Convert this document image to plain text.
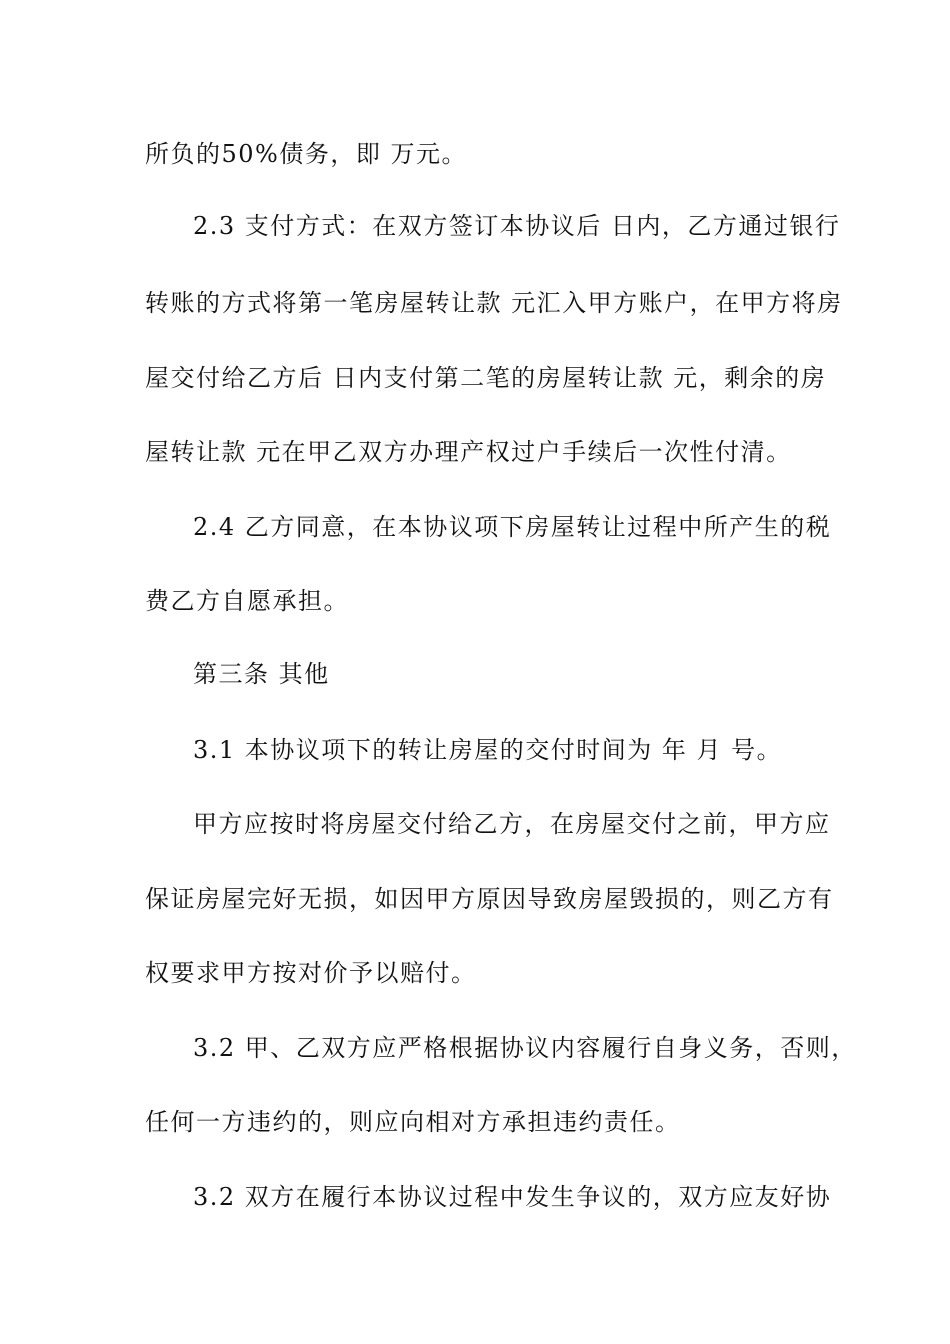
所负的50%债务，即 万元。
2.3 支付方式：在双方签订本协议后 日内，乙方通过银行
转账的方式将第一笔房屋转让款 元汇入甲方账户，在甲方将房
屋交付给乙方后 日内支付第二笔的房屋转让款 元，剩余的房
屋转让款 元在甲乙双方办理产权过户手续后一次性付清。
2.4 乙方同意，在本协议项下房屋转让过程中所产生的税
费乙方自愿承担。
第三条 其他
3.1 本协议项下的转让房屋的交付时间为 年 月 号。
甲方应按时将房屋交付给乙方，在房屋交付之前，甲方应
保证房屋完好无损，如因甲方原因导致房屋毁损的，则乙方有
权要求甲方按对价予以赔付。
3.2 甲、乙双方应严格根据协议内容履行自身义务，否则，
任何一方违约的，则应向相对方承担违约责任。
3.2 双方在履行本协议过程中发生争议的，双方应友好协
